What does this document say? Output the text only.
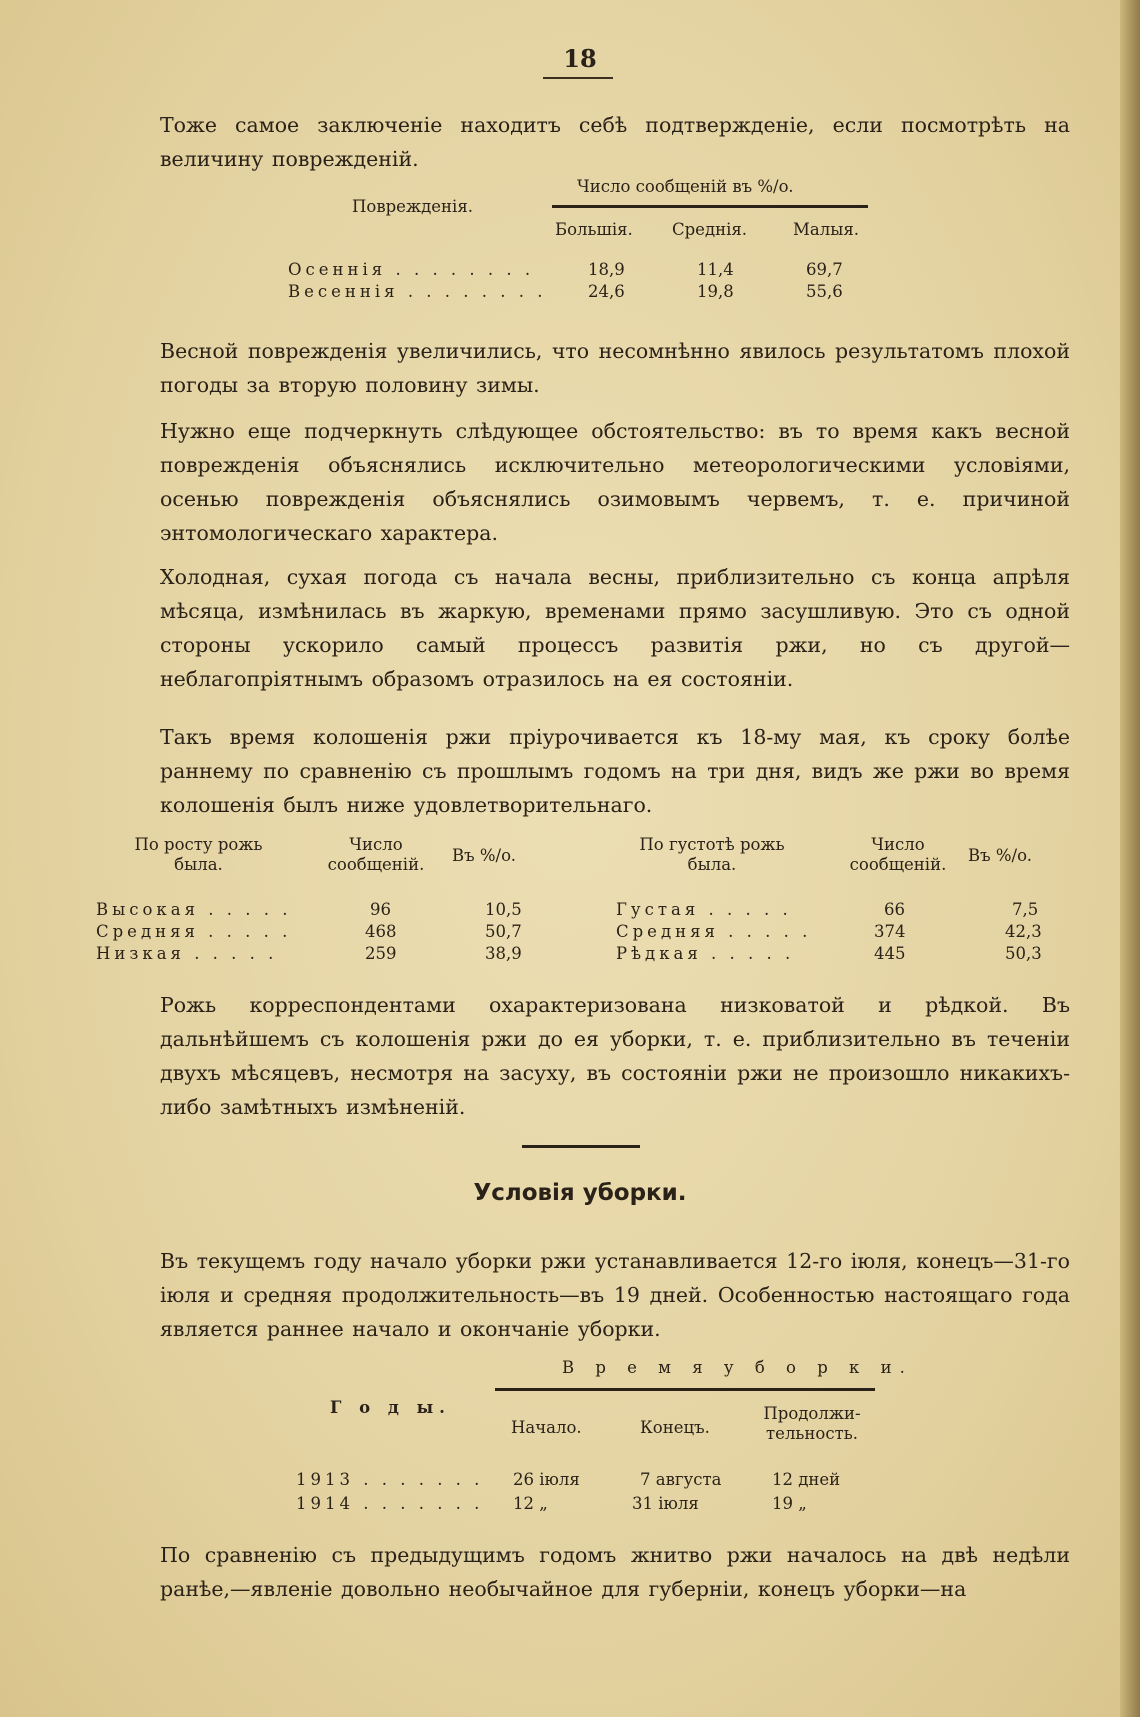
18

Тоже самое заключеніе находитъ себѣ подтвержденіе, если посмотрѣть на величину поврежденій.

Поврежденія.
Число сообщеній въ %/o.
Большія. Среднія.	Малыя.
Осеннія . . . . . . . .	18,9	11,4	69,7
Весеннія . . . . . . . .	24,6	19,8	55,6

Весной поврежденія увеличились, что несомнѣнно явилось результатомъ плохой погоды за вторую половину зимы.

Нужно еще подчеркнуть слѣдующее обстоятельство: въ то время какъ весной поврежденія объяснялись исключительно метеорологическими условіями, осенью поврежденія объяснялись озимовымъ червемъ, т. е. причиной энтомологическаго характера.

Холодная, сухая погода съ начала весны, приблизительно съ конца апрѣля мѣсяца, измѣнилась въ жаркую, временами прямо засушливую. Это съ одной стороны ускорило самый процессъ развитія ржи, но съ другой—неблагопріятнымъ образомъ отразилось на ея состояніи.

Такъ время колошенія ржи пріурочивается къ 18-му мая, къ сроку болѣе раннему по сравненію съ прошлымъ годомъ на три дня, видъ же ржи во время колошенія былъ ниже удовлетворительнаго.

По росту рожь была.
Число сообщеній.	Въ %/o.
По густотѣ рожь была.
Число сообщеній.	Въ %/o.
Высокая . . . . .	96	10,5
Средняя . . . . .	468	50,7
Низкая . . . . .	259	38,9
Густая . . . . .	66	7,5
Средняя . . . . .	374	42,3
Рѣдкая . . . . .	445	50,3

Рожь корреспондентами охарактеризована низковатой и рѣдкой. Въ дальнѣйшемъ съ колошенія ржи до ея уборки, т. е. приблизительно въ теченіи двухъ мѣсяцевъ, несмотря на засуху, въ состояніи ржи не произошло никакихъ-либо замѣтныхъ измѣненій.

Условія уборки.

Въ текущемъ году начало уборки ржи устанавливается 12-го іюля, конецъ—31-го іюля и средняя продолжительность—въ 19 дней. Особенностью настоящаго года является раннее начало и окончаніе уборки.

Г о д ы.
В р е м я у б о р к и.
Начало.	Конецъ.
Продолжи-тельность.
1913 . . . . . . . 26 іюля	7 августа	12 дней
1914 . . . . . . . 12 „	31 іюля	19 „

По сравненію съ предыдущимъ годомъ жнитво ржи началось на двѣ недѣли ранѣе,—явленіе довольно необычайное для губерніи, конецъ уборки—на
